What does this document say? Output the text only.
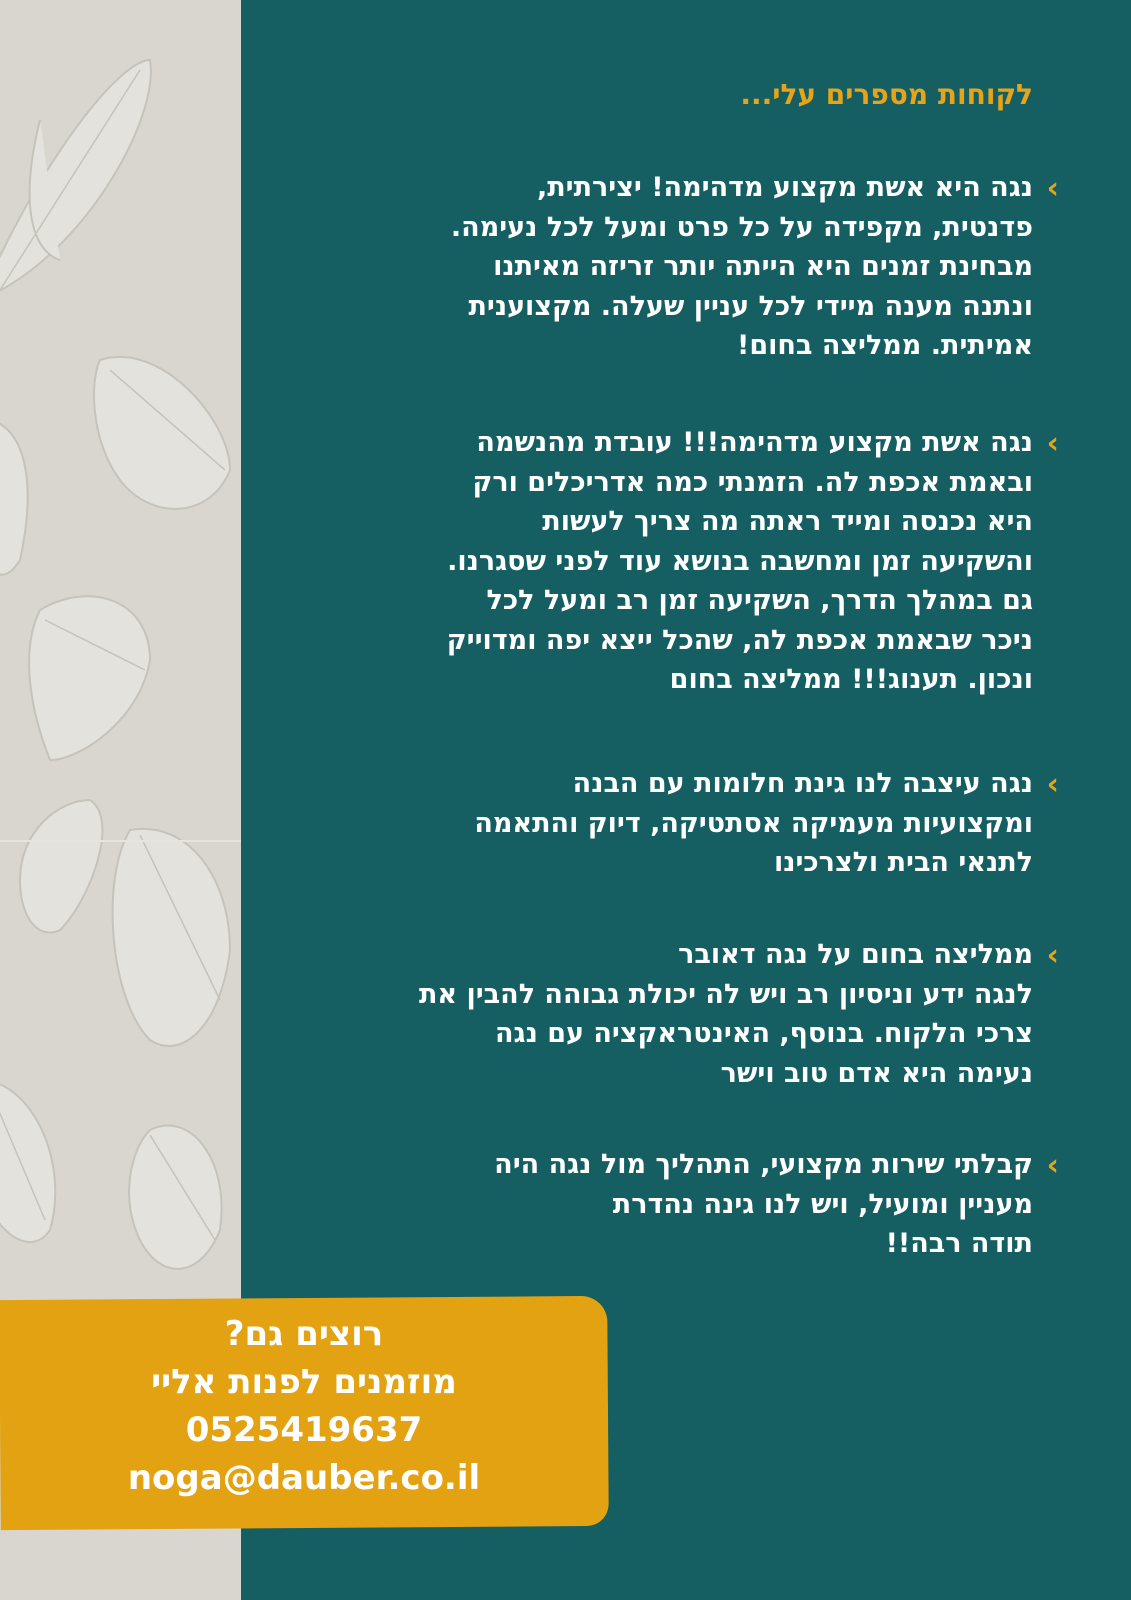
לקוחות מספרים עלי...
›
נגה היא אשת מקצוע מדהימה! יצירתית,
פדנטית, מקפידה על כל פרט ומעל לכל נעימה.
מבחינת זמנים היא הייתה יותר זריזה מאיתנו
ונתנה מענה מיידי לכל עניין שעלה. מקצוענית
אמיתית. ממליצה בחום!
›
נגה אשת מקצוע מדהימה!!! עובדת מהנשמה
ובאמת אכפת לה. הזמנתי כמה אדריכלים ורק
היא נכנסה ומייד ראתה מה צריך לעשות
והשקיעה זמן ומחשבה בנושא עוד לפני שסגרנו.
גם במהלך הדרך, השקיעה זמן רב ומעל לכל
ניכר שבאמת אכפת לה, שהכל ייצא יפה ומדוייק
ונכון. תענוג!!! ממליצה בחום
›
נגה עיצבה לנו גינת חלומות עם הבנה
ומקצועיות מעמיקה אסתטיקה, דיוק והתאמה
לתנאי הבית ולצרכינו
›
ממליצה בחום על נגה דאובר
לנגה ידע וניסיון רב ויש לה יכולת גבוהה להבין את
צרכי הלקוח. בנוסף, האינטראקציה עם נגה
נעימה היא אדם טוב וישר
›
קבלתי שירות מקצועי, התהליך מול נגה היה
מעניין ומועיל, ויש לנו גינה נהדרת
תודה רבה!!
רוצים גם?
מוזמנים לפנות אליי
0525419637
noga@dauber.co.il
